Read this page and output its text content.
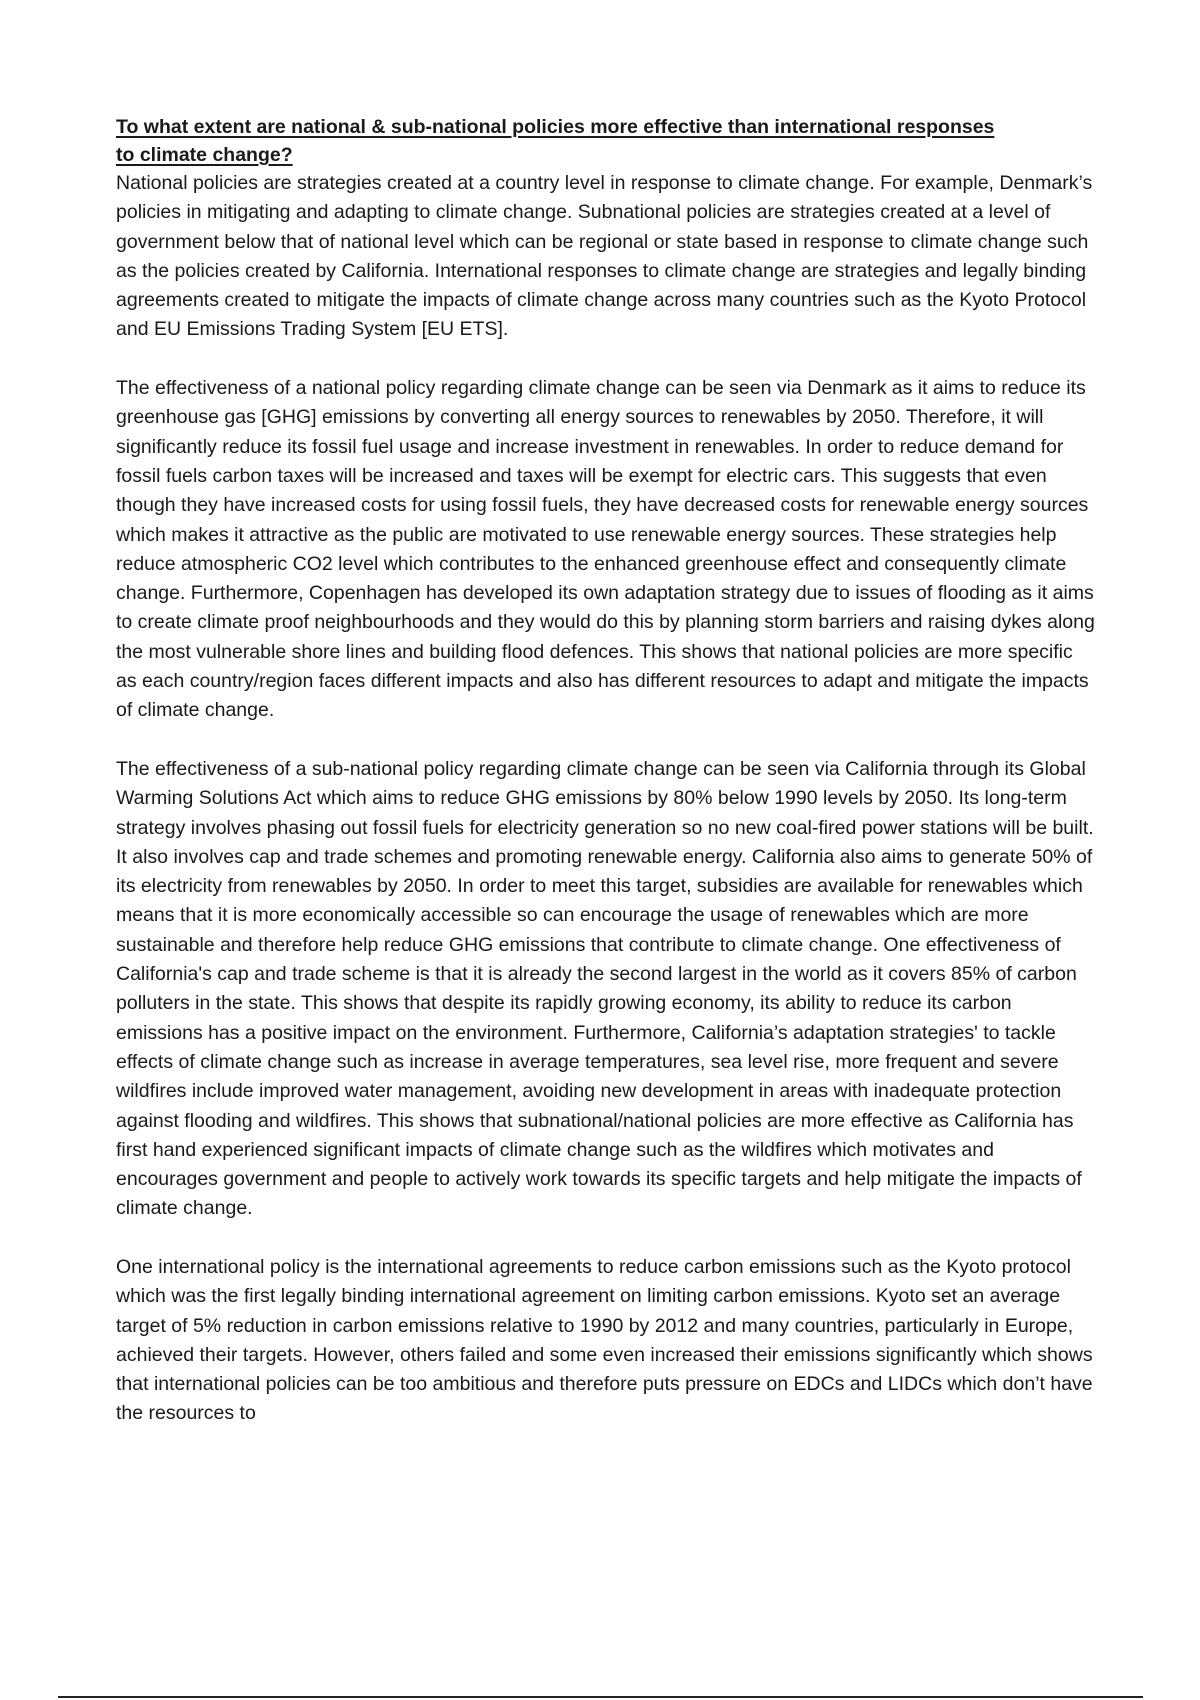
To what extent are national & sub-national policies more effective than international responses to climate change?

National policies are strategies created at a country level in response to climate change. For example, Denmark’s policies in mitigating and adapting to climate change. Subnational policies are strategies created at a level of government below that of national level which can be regional or state based in response to climate change such as the policies created by California. International responses to climate change are strategies and legally binding agreements created to mitigate the impacts of climate change across many countries such as the Kyoto Protocol and EU Emissions Trading System [EU ETS].

The effectiveness of a national policy regarding climate change can be seen via Denmark as it aims to reduce its greenhouse gas [GHG] emissions by converting all energy sources to renewables by 2050. Therefore, it will significantly reduce its fossil fuel usage and increase investment in renewables. In order to reduce demand for fossil fuels carbon taxes will be increased and taxes will be exempt for electric cars. This suggests that even though they have increased costs for using fossil fuels, they have decreased costs for renewable energy sources which makes it attractive as the public are motivated to use renewable energy sources. These strategies help reduce atmospheric CO2 level which contributes to the enhanced greenhouse effect and consequently climate change. Furthermore, Copenhagen has developed its own adaptation strategy due to issues of flooding as it aims to create climate proof neighbourhoods and they would do this by planning storm barriers and raising dykes along the most vulnerable shore lines and building flood defences. This shows that national policies are more specific as each country/region faces different impacts and also has different resources to adapt and mitigate the impacts of climate change.

The effectiveness of a sub-national policy regarding climate change can be seen via California through its Global Warming Solutions Act which aims to reduce GHG emissions by 80% below 1990 levels by 2050. Its long-term strategy involves phasing out fossil fuels for electricity generation so no new coal-fired power stations will be built. It also involves cap and trade schemes and promoting renewable energy. California also aims to generate 50% of its electricity from renewables by 2050. In order to meet this target, subsidies are available for renewables which means that it is more economically accessible so can encourage the usage of renewables which are more sustainable and therefore help reduce GHG emissions that contribute to climate change. One effectiveness of California's cap and trade scheme is that it is already the second largest in the world as it covers 85% of carbon polluters in the state. This shows that despite its rapidly growing economy, its ability to reduce its carbon emissions has a positive impact on the environment. Furthermore, California’s adaptation strategies' to tackle effects of climate change such as increase in average temperatures, sea level rise, more frequent and severe wildfires include improved water management, avoiding new development in areas with inadequate protection against flooding and wildfires. This shows that subnational/national policies are more effective as California has first hand experienced significant impacts of climate change such as the wildfires which motivates and encourages government and people to actively work towards its specific targets and help mitigate the impacts of climate change.

One international policy is the international agreements to reduce carbon emissions such as the Kyoto protocol which was the first legally binding international agreement on limiting carbon emissions. Kyoto set an average target of 5% reduction in carbon emissions relative to 1990 by 2012 and many countries, particularly in Europe, achieved their targets. However, others failed and some even increased their emissions significantly which shows that international policies can be too ambitious and therefore puts pressure on EDCs and LIDCs which don’t have the resources to
